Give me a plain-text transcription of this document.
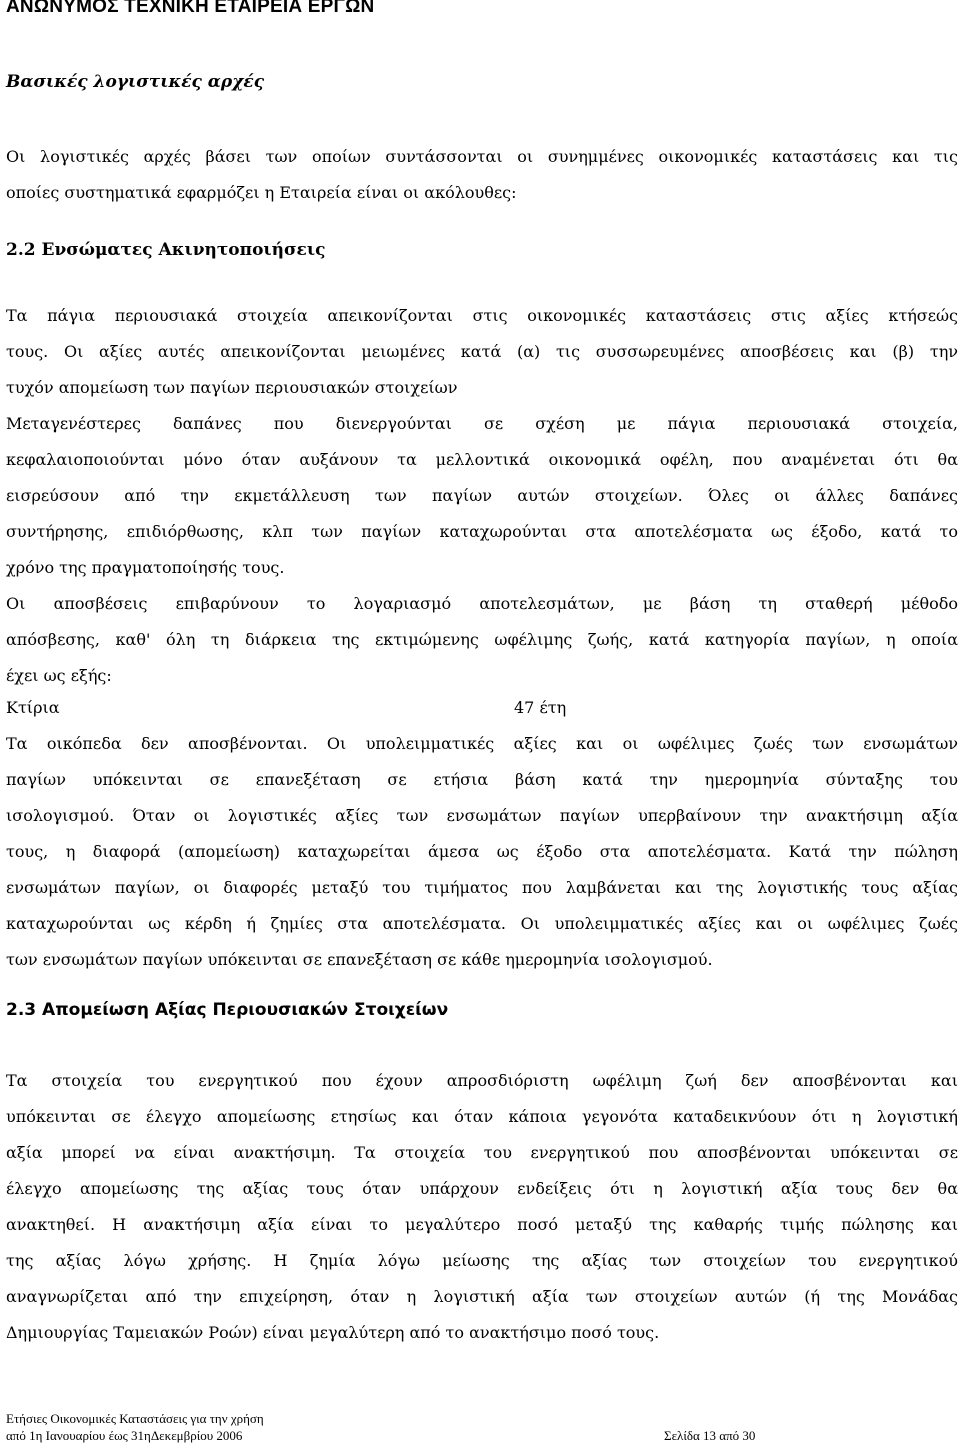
ΑΝΩΝΥΜΟΣ ΤΕΧΝΙΚΗ ΕΤΑΙΡΕΙΑ ΕΡΓΩΝ
Βασικές λογιστικές αρχές
Οι λογιστικές αρχές βάσει των οποίων συντάσσονται οι συνημμένες οικονομικές καταστάσεις και τις
οποίες συστηματικά εφαρμόζει η Εταιρεία είναι οι ακόλουθες:
2.2 Ενσώματες Ακινητοποιήσεις
Τα πάγια περιουσιακά στοιχεία απεικονίζονται στις οικονομικές καταστάσεις στις αξίες κτήσεώς
τους. Οι αξίες αυτές απεικονίζονται μειωμένες κατά (α) τις συσσωρευμένες αποσβέσεις και (β) την
τυχόν απομείωση των παγίων περιουσιακών στοιχείων
Μεταγενέστερες δαπάνες που διενεργούνται σε σχέση με πάγια περιουσιακά στοιχεία,
κεφαλαιοποιούνται μόνο όταν αυξάνουν τα μελλοντικά οικονομικά οφέλη, που αναμένεται ότι θα
εισρεύσουν από την εκμετάλλευση των παγίων αυτών στοιχείων. Όλες οι άλλες δαπάνες
συντήρησης, επιδιόρθωσης, κλπ των παγίων καταχωρούνται στα αποτελέσματα ως έξοδο, κατά το
χρόνο της πραγματοποίησής τους.
Οι αποσβέσεις επιβαρύνουν το λογαριασμό αποτελεσμάτων, με βάση τη σταθερή μέθοδο
απόσβεσης, καθ' όλη τη διάρκεια της εκτιμώμενης ωφέλιμης ζωής, κατά κατηγορία παγίων, η οποία
έχει ως εξής:
Κτίρια	47 έτη
Τα οικόπεδα δεν αποσβένονται. Οι υπολειμματικές αξίες και οι ωφέλιμες ζωές των ενσωμάτων
παγίων υπόκεινται σε επανεξέταση σε ετήσια βάση κατά την ημερομηνία σύνταξης του
ισολογισμού. Όταν οι λογιστικές αξίες των ενσωμάτων παγίων υπερβαίνουν την ανακτήσιμη αξία
τους, η διαφορά (απομείωση) καταχωρείται άμεσα ως έξοδο στα αποτελέσματα. Κατά την πώληση
ενσωμάτων παγίων, οι διαφορές μεταξύ του τιμήματος που λαμβάνεται και της λογιστικής τους αξίας
καταχωρούνται ως κέρδη ή ζημίες στα αποτελέσματα. Οι υπολειμματικές αξίες και οι ωφέλιμες ζωές
των ενσωμάτων παγίων υπόκεινται σε επανεξέταση σε κάθε ημερομηνία ισολογισμού.
2.3 Απομείωση Αξίας Περιουσιακών Στοιχείων
Τα στοιχεία του ενεργητικού που έχουν απροσδιόριστη ωφέλιμη ζωή δεν αποσβένονται και
υπόκεινται σε έλεγχο απομείωσης ετησίως και όταν κάποια γεγονότα καταδεικνύουν ότι η λογιστική
αξία μπορεί να είναι ανακτήσιμη. Τα στοιχεία του ενεργητικού που αποσβένονται υπόκεινται σε
έλεγχο απομείωσης της αξίας τους όταν υπάρχουν ενδείξεις ότι η λογιστική αξία τους δεν θα
ανακτηθεί. Η ανακτήσιμη αξία είναι το μεγαλύτερο ποσό μεταξύ της καθαρής τιμής πώλησης και
της αξίας λόγω χρήσης. Η ζημία λόγω μείωσης της αξίας των στοιχείων του ενεργητικού
αναγνωρίζεται από την επιχείρηση, όταν η λογιστική αξία των στοιχείων αυτών (ή της Μονάδας
Δημιουργίας Ταμειακών Ροών) είναι μεγαλύτερη από το ανακτήσιμο ποσό τους.
Ετήσιες Οικονομικές Καταστάσεις για την χρήση
από 1η Ιανουαρίου έως 31ηΔεκεμβρίου 2006	Σελίδα 13 από 30
